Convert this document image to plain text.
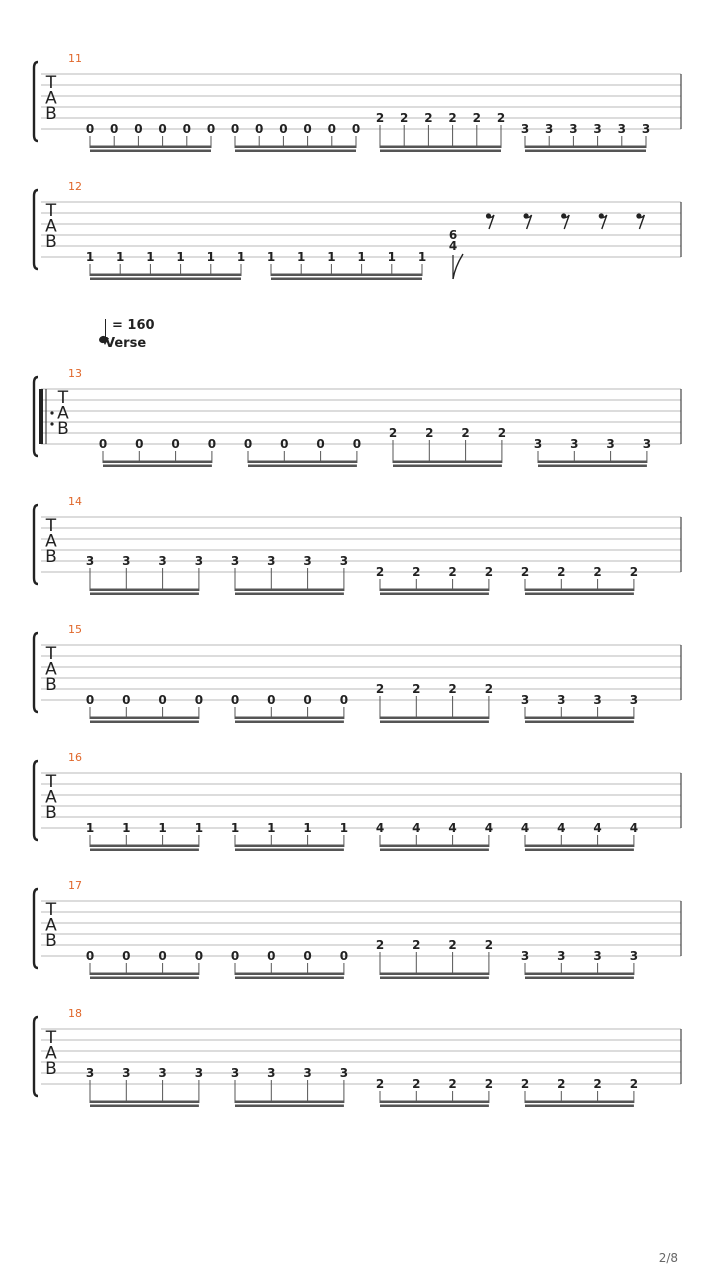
11
T
A
B
0 0 0 0 0 0 0 0 0 0 0 0
2 2 2 2 2 2
3 3 3 3 3 3
12
T
A
B
1 1 1 1 1 1 1 1 1 1 1 1
6
4
13
T
A
B
0 0 0 0 0 0 0 0
2 2 2 2
3 3 3 3
14
T
A
B 3 3 3 3 3 3 3 3
2 2 2 2 2 2 2 2
15
T
A
B
0 0 0 0 0 0 0 0
2 2 2 2
3 3 3 3
16
T
A
B
1 1 1 1 1 1 1 1 4 4 4 4 4 4 4 4
17
T
A
B
0 0 0 0 0 0 0 0
2 2 2 2
3 3 3 3
18
T
A
B 3 3 3 3 3 3 3 3
2 2 2 2 2 2 2 2
= 160
Verse
2/8
